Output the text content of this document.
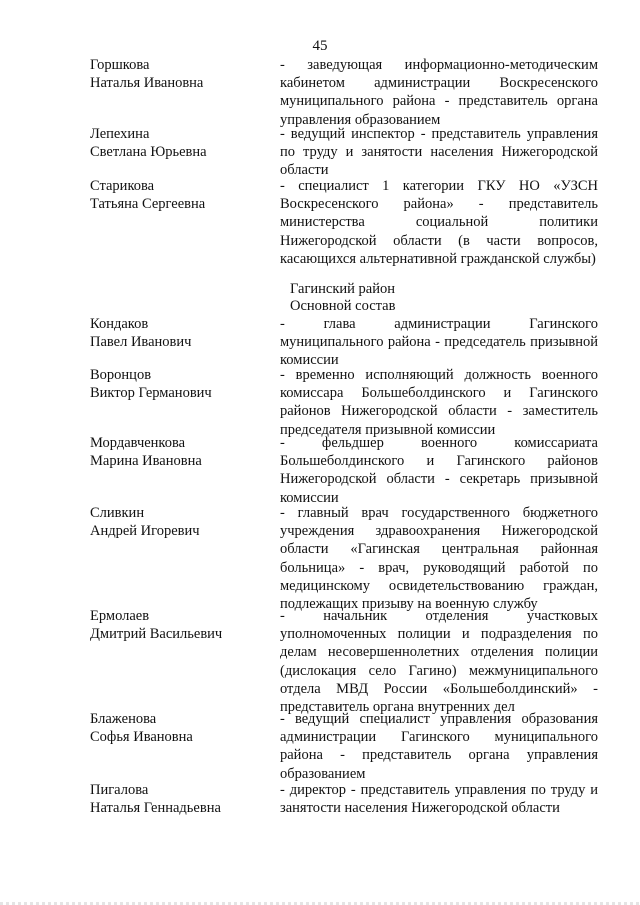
45
Горшкова
Наталья Ивановна
- заведующая информационно-методическим кабинетом администрации Воскресенского муниципального района - представитель органа управления образованием
Лепехина
Светлана Юрьевна
- ведущий инспектор - представитель управления по труду и занятости населения Нижегородской области
Старикова
Татьяна Сергеевна
- специалист 1 категории ГКУ НО «УЗСН Воскресенского района» - представитель министерства социальной политики Нижегородской области (в части вопросов, касающихся альтернативной гражданской службы)
Гагинский район
Основной состав
Кондаков
Павел Иванович
- глава администрации Гагинского муниципального района - председатель призывной комиссии
Воронцов
Виктор Германович
- временно исполняющий должность военного комиссара Большеболдинского и Гагинского районов Нижегородской области - заместитель председателя призывной комиссии
Мордавченкова
Марина Ивановна
- фельдшер военного комиссариата Большеболдинского и Гагинского районов Нижегородской области - секретарь призывной комиссии
Сливкин
Андрей Игоревич
- главный врач государственного бюджетного учреждения здравоохранения Нижегородской области «Гагинская центральная районная больница» - врач, руководящий работой по медицинскому освидетельствованию граждан, подлежащих призыву на военную службу
Ермолаев
Дмитрий Васильевич
- начальник отделения участковых уполномоченных полиции и подразделения по делам несовершеннолетних отделения полиции (дислокация село Гагино) межмуниципального отдела МВД России «Большеболдинский» - представитель органа внутренних дел
Блаженова
Софья Ивановна
- ведущий специалист управления образования администрации Гагинского муниципального района - представитель органа управления образованием
Пигалова
Наталья Геннадьевна
- директор - представитель управления по труду и занятости населения Нижегородской области
